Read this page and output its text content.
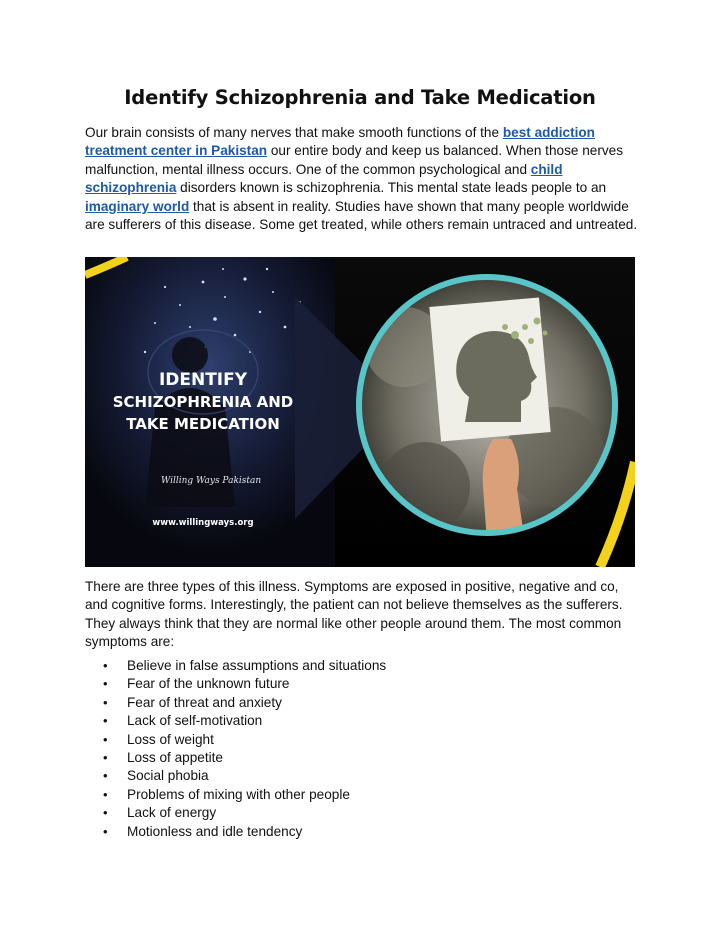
Identify Schizophrenia and Take Medication

Our brain consists of many nerves that make smooth functions of the best addiction treatment center in Pakistan our entire body and keep us balanced. When those nerves malfunction, mental illness occurs. One of the common psychological and child schizophrenia disorders known is schizophrenia. This mental state leads people to an imaginary world that is absent in reality. Studies have shown that many people worldwide are sufferers of this disease. Some get treated, while others remain untraced and untreated.

IDENTIFY
SCHIZOPHRENIA AND
TAKE MEDICATION
Willing Ways Pakistan
www.willingways.org

There are three types of this illness. Symptoms are exposed in positive, negative and co, and cognitive forms. Interestingly, the patient can not believe themselves as the sufferers. They always think that they are normal like other people around them. The most common symptoms are:

• Believe in false assumptions and situations
• Fear of the unknown future
• Fear of threat and anxiety
• Lack of self-motivation
• Loss of weight
• Loss of appetite
• Social phobia
• Problems of mixing with other people
• Lack of energy
• Motionless and idle tendency
